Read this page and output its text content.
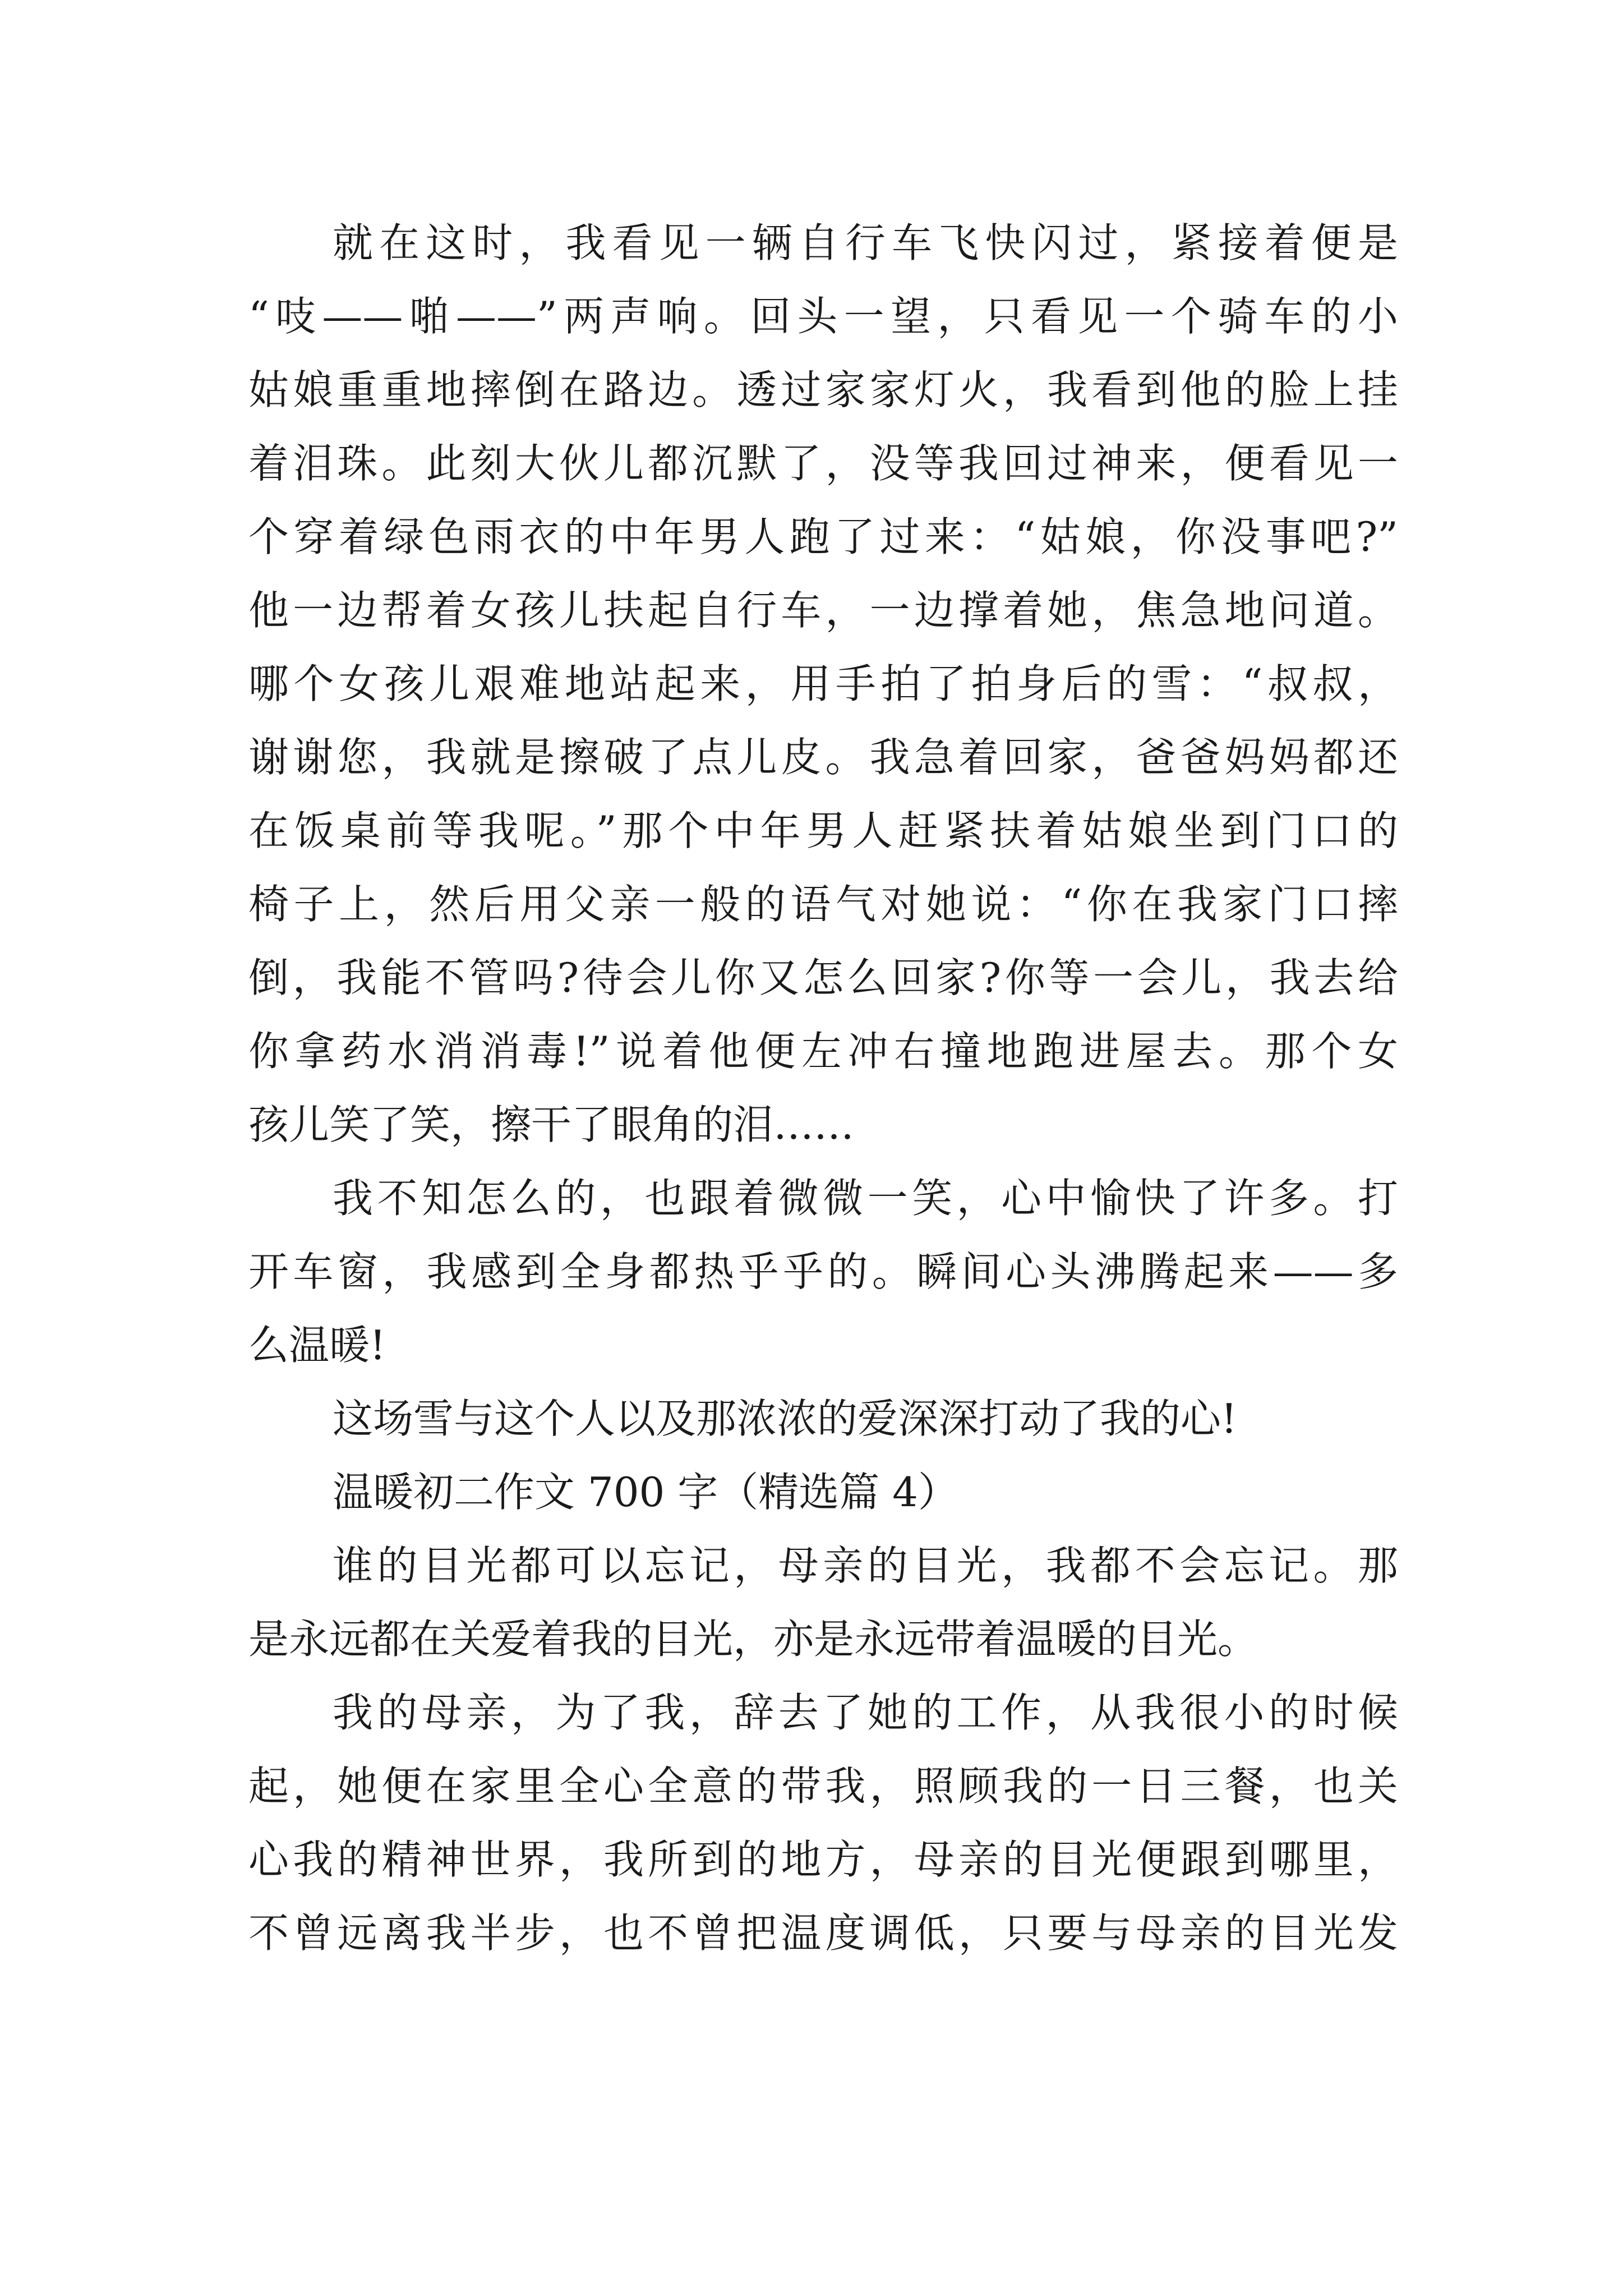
就在这时，我看见一辆自行车飞快闪过，紧接着便是
“吱——啪——”两声响。回头一望，只看见一个骑车的小
姑娘重重地摔倒在路边。透过家家灯火，我看到他的脸上挂
着泪珠。此刻大伙儿都沉默了，没等我回过神来，便看见一
个穿着绿色雨衣的中年男人跑了过来：“姑娘，你没事吧?”
他一边帮着女孩儿扶起自行车，一边撑着她，焦急地问道。
哪个女孩儿艰难地站起来，用手拍了拍身后的雪：“叔叔，
谢谢您，我就是擦破了点儿皮。我急着回家，爸爸妈妈都还
在饭桌前等我呢。”那个中年男人赶紧扶着姑娘坐到门口的
椅子上，然后用父亲一般的语气对她说：“你在我家门口摔
倒，我能不管吗?待会儿你又怎么回家?你等一会儿，我去给
你拿药水消消毒!”说着他便左冲右撞地跑进屋去。那个女
孩儿笑了笑，擦干了眼角的泪……
我不知怎么的，也跟着微微一笑，心中愉快了许多。打
开车窗，我感到全身都热乎乎的。瞬间心头沸腾起来——多
么温暖!
这场雪与这个人以及那浓浓的爱深深打动了我的心!
温暖初二作文 700 字（精选篇 4）
谁的目光都可以忘记，母亲的目光，我都不会忘记。那
是永远都在关爱着我的目光，亦是永远带着温暖的目光。
我的母亲，为了我，辞去了她的工作，从我很小的时候
起，她便在家里全心全意的带我，照顾我的一日三餐，也关
心我的精神世界，我所到的地方，母亲的目光便跟到哪里，
不曾远离我半步，也不曾把温度调低，只要与母亲的目光发
